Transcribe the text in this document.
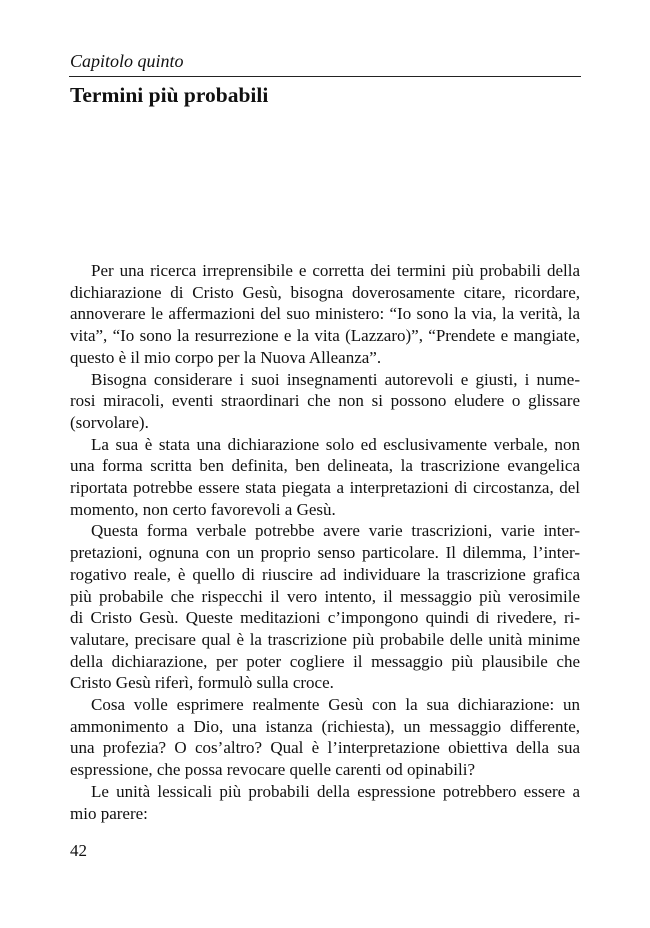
Capitolo quinto
Termini più probabili
Per una ricerca irreprensibile e corretta dei termini più probabili della
dichiarazione di Cristo Gesù, bisogna doverosamente citare, ricordare,
annoverare le affermazioni del suo ministero: “Io sono la via, la verità, la
vita”, “Io sono la resurrezione e la vita (Lazzaro)”, “Prendete e mangiate,
questo è il mio corpo per la Nuova Alleanza”.
Bisogna considerare i suoi insegnamenti autorevoli e giusti, i nume-
rosi miracoli, eventi straordinari che non si possono eludere o glissare
(sorvolare).
La sua è stata una dichiarazione solo ed esclusivamente verbale, non
una forma scritta ben definita, ben delineata, la trascrizione evangelica
riportata potrebbe essere stata piegata a interpretazioni di circostanza, del
momento, non certo favorevoli a Gesù.
Questa forma verbale potrebbe avere varie trascrizioni, varie inter-
pretazioni, ognuna con un proprio senso particolare. Il dilemma, l’inter-
rogativo reale, è quello di riuscire ad individuare la trascrizione grafica
più probabile che rispecchi il vero intento, il messaggio più verosimile
di Cristo Gesù. Queste meditazioni c’impongono quindi di rivedere, ri-
valutare, precisare qual è la trascrizione più probabile delle unità minime
della dichiarazione, per poter cogliere il messaggio più plausibile che
Cristo Gesù riferì, formulò sulla croce.
Cosa volle esprimere realmente Gesù con la sua dichiarazione: un
ammonimento a Dio, una istanza (richiesta), un messaggio differente,
una profezia? O cos’altro? Qual è l’interpretazione obiettiva della sua
espressione, che possa revocare quelle carenti od opinabili?
Le unità lessicali più probabili della espressione potrebbero essere a
mio parere:
42
